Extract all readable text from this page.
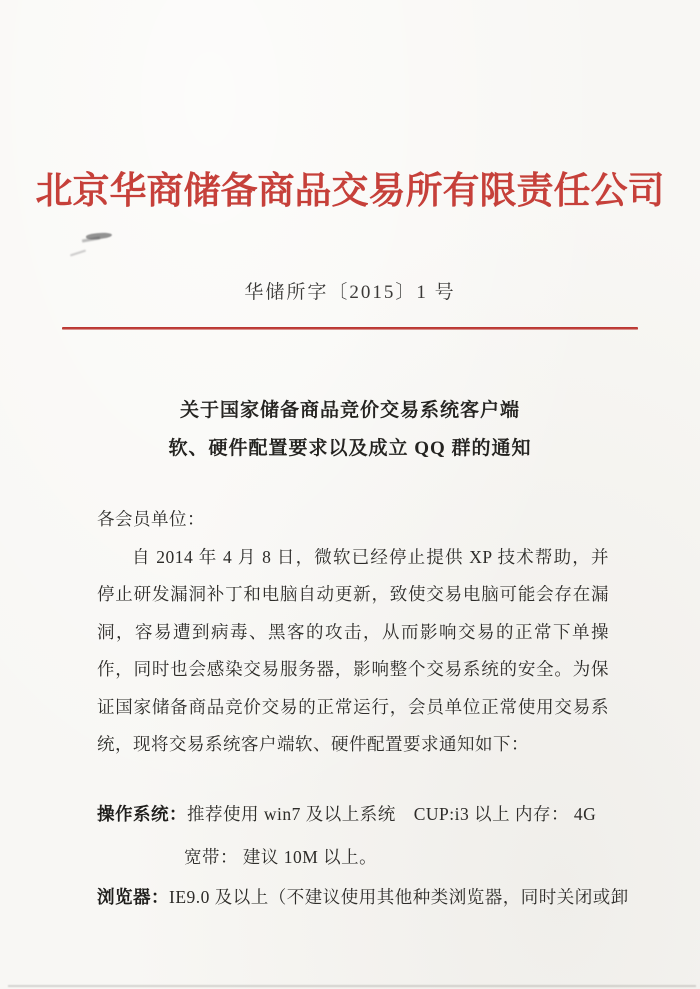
北京华商储备商品交易所有限责任公司
华储所字〔2015〕1 号
关于国家储备商品竞价交易系统客户端
软、硬件配置要求以及成立 QQ 群的通知
各会员单位：

自 2014 年 4 月 8 日，微软已经停止提供 XP 技术帮助，并停止研发漏洞补丁和电脑自动更新，致使交易电脑可能会存在漏洞，容易遭到病毒、黑客的攻击，从而影响交易的正常下单操作，同时也会感染交易服务器，影响整个交易系统的安全。为保证国家储备商品竞价交易的正常运行，会员单位正常使用交易系统，现将交易系统客户端软、硬件配置要求通知如下：

操作系统：推荐使用 win7 及以上系统　CUP:i3 以上 内存： 4G
宽带： 建议 10M 以上。
浏览器：IE9.0 及以上（不建议使用其他种类浏览器，同时关闭或卸
